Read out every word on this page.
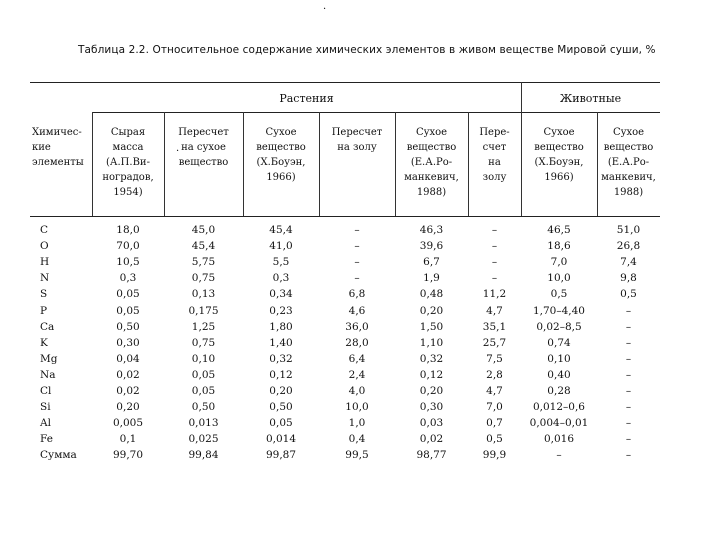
Таблица 2.2. Относительное содержание химических элементов в живом веществе Мировой суши, %
Растения	Животные
Химичес-
кие
элементы
Сырая
масса
(А.П.Ви-
ноградов,
1954)
Пересчет
на сухое
вещество
Сухое
вещество
(Х.Боуэн,
1966)
Пересчет
на золу
Сухое
вещество
(Е.А.Ро-
манкевич,
1988)
Пере-
счет
на
золу
Сухое
вещество
(Х.Боуэн,
1966)
Сухое
вещество
(Е.А.Ро-
манкевич,
1988)
C
O
H
N
S
P
Ca
K
Mg
Na
Cl
Si
Al
Fe
Сумма
18,0
70,0
10,5
0,3
0,05
0,05
0,50
0,30
0,04
0,02
0,02
0,20
0,005
0,1
99,70
45,0
45,4
5,75
0,75
0,13
0,175
1,25
0,75
0,10
0,05
0,05
0,50
0,013
0,025
99,84
45,4
41,0
5,5
0,3
0,34
0,23
1,80
1,40
0,32
0,12
0,20
0,50
0,05
0,014
99,87
–
–
–
–
6,8
4,6
36,0
28,0
6,4
2,4
4,0
10,0
1,0
0,4
99,5
46,3
39,6
6,7
1,9
0,48
0,20
1,50
1,10
0,32
0,12
0,20
0,30
0,03
0,02
98,77
–
–
–
–
11,2
4,7
35,1
25,7
7,5
2,8
4,7
7,0
0,7
0,5
99,9
46,5
18,6
7,0
10,0
0,5
1,70–4,40
0,02–8,5
0,74
0,10
0,40
0,28
0,012–0,6
0,004–0,01
0,016
–
51,0
26,8
7,4
9,8
0,5
–
–
–
–
–
–
–
–
–
–
·
·
